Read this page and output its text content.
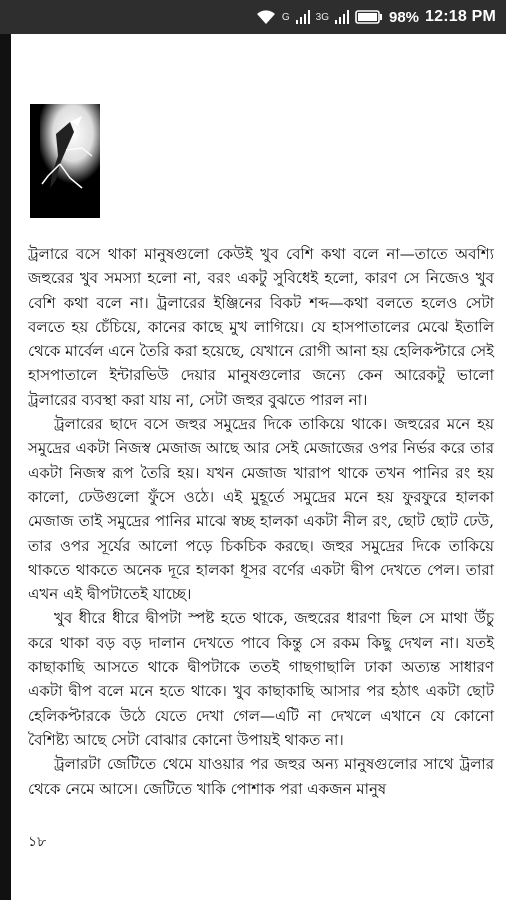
G	3G	98% 12:18 PM

ট্রলারে বসে থাকা মানুষগুলো কেউই খুব বেশি কথা বলে না—তাতে অবশ্যি জহুরের খুব সমস্যা হলো না, বরং একটু সুবিধেই হলো, কারণ সে নিজেও খুব বেশি কথা বলে না। ট্রলারের ইঞ্জিনের বিকট শব্দ—কথা বলতে হলেও সেটা বলতে হয় চেঁচিয়ে, কানের কাছে মুখ লাগিয়ে। যে হাসপাতালের মেঝে ইতালি থেকে মার্বেল এনে তৈরি করা হয়েছে, যেখানে রোগী আনা হয় হেলিকপ্টারে সেই হাসপাতালে ইন্টারভিউ দেয়ার মানুষগুলোর জন্যে কেন আরেকটু ভালো ট্রলারের ব্যবস্থা করা যায় না, সেটা জহুর বুঝতে পারল না।

ট্রলারের ছাদে বসে জহুর সমুদ্রের দিকে তাকিয়ে থাকে। জহুরের মনে হয় সমুদ্রের একটা নিজস্ব মেজাজ আছে আর সেই মেজাজের ওপর নির্ভর করে তার একটা নিজস্ব রূপ তৈরি হয়। যখন মেজাজ খারাপ থাকে তখন পানির রং হয় কালো, ঢেউগুলো ফুঁসে ওঠে। এই মুহূর্তে সমুদ্রের মনে হয় ফুরফুরে হালকা মেজাজ তাই সমুদ্রের পানির মাঝে স্বচ্ছ হালকা একটা নীল রং, ছোট ছোট ঢেউ, তার ওপর সূর্যের আলো পড়ে চিকচিক করছে। জহুর সমুদ্রের দিকে তাকিয়ে থাকতে থাকতে অনেক দূরে হালকা ধূসর বর্ণের একটা দ্বীপ দেখতে পেল। তারা এখন এই দ্বীপটাতেই যাচ্ছে।

খুব ধীরে ধীরে দ্বীপটা স্পষ্ট হতে থাকে, জহুরের ধারণা ছিল সে মাথা উঁচু করে থাকা বড় বড় দালান দেখতে পাবে কিন্তু সে রকম কিছু দেখল না। যতই কাছাকাছি আসতে থাকে দ্বীপটাকে ততই গাছগাছালি ঢাকা অত্যন্ত সাধারণ একটা দ্বীপ বলে মনে হতে থাকে। খুব কাছাকাছি আসার পর হঠাৎ একটা ছোট হেলিকপ্টারকে উঠে যেতে দেখা গেল—এটি না দেখলে এখানে যে কোনো বৈশিষ্ট্য আছে সেটা বোঝার কোনো উপায়ই থাকত না।

ট্রলারটা জেটিতে থেমে যাওয়ার পর জহুর অন্য মানুষগুলোর সাথে ট্রলার থেকে নেমে আসে। জেটিতে খাকি পোশাক পরা একজন মানুষ

১৮
